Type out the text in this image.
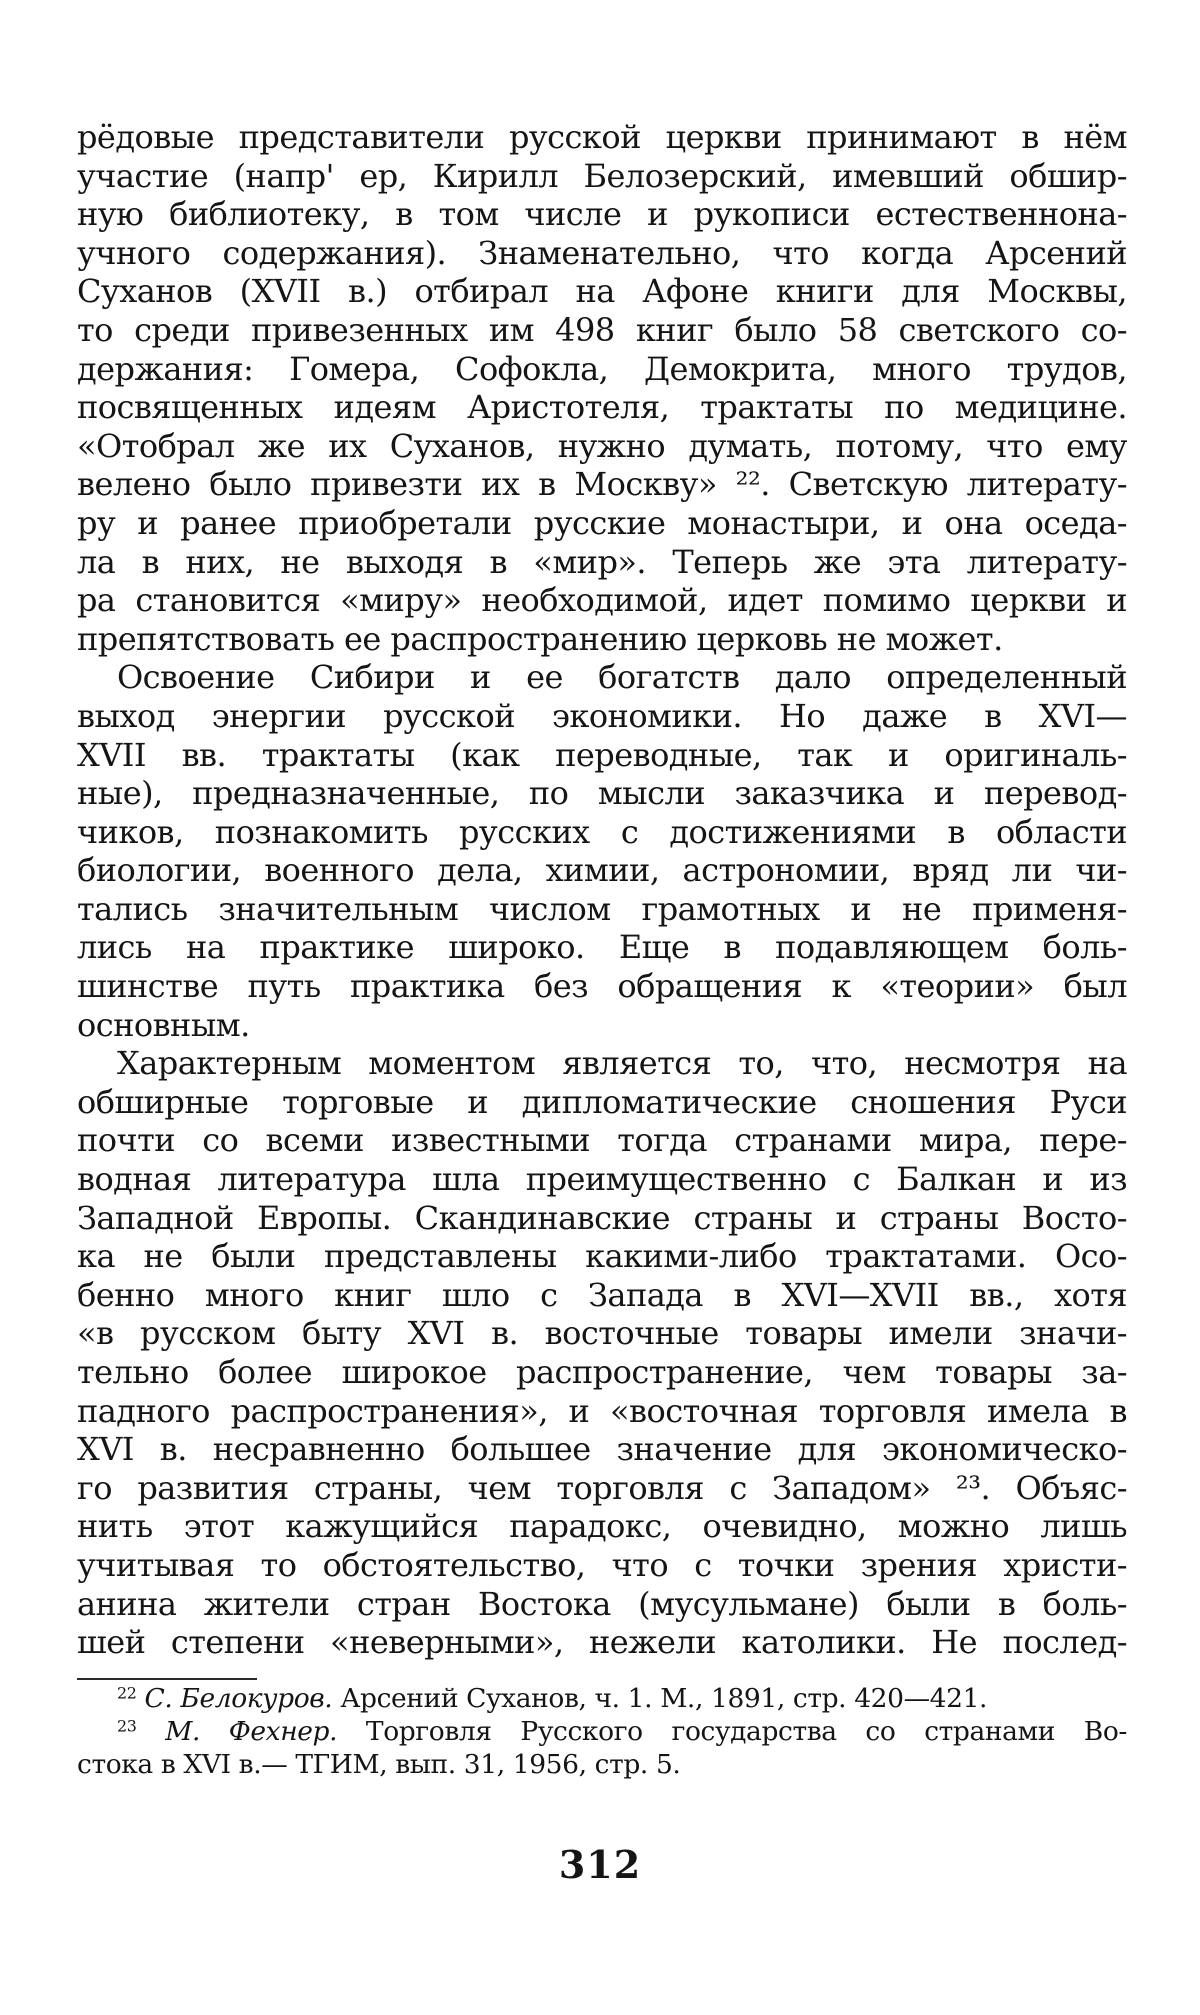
рёдовые представители русской церкви принимают в нём
участие (напр' ер, Кирилл Белозерский, имевший обшир-
ную библиотеку, в том числе и рукописи естественнона-
учного содержания). Знаменательно, что когда Арсений
Суханов (XVII в.) отбирал на Афоне книги для Москвы,
то среди привезенных им 498 книг было 58 светского со-
держания: Гомера, Софокла, Демокрита, много трудов,
посвященных идеям Аристотеля, трактаты по медицине.
«Отобрал же их Суханов, нужно думать, потому, что ему
велено было привезти их в Москву» ²². Светскую литерату-
ру и ранее приобретали русские монастыри, и она оседа-
ла в них, не выходя в «мир». Теперь же эта литерату-
ра становится «миру» необходимой, идет помимо церкви и
препятствовать ее распространению церковь не может.
Освоение Сибири и ее богатств дало определенный
выход энергии русской экономики. Но даже в XVI—
XVII вв. трактаты (как переводные, так и оригиналь-
ные), предназначенные, по мысли заказчика и перевод-
чиков, познакомить русских с достижениями в области
биологии, военного дела, химии, астрономии, вряд ли чи-
тались значительным числом грамотных и не применя-
лись на практике широко. Еще в подавляющем боль-
шинстве путь практика без обращения к «теории» был
основным.
Характерным моментом является то, что, несмотря на
обширные торговые и дипломатические сношения Руси
почти со всеми известными тогда странами мира, пере-
водная литература шла преимущественно с Балкан и из
Западной Европы. Скандинавские страны и страны Восто-
ка не были представлены какими-либо трактатами. Осо-
бенно много книг шло с Запада в XVI—XVII вв., хотя
«в русском быту XVI в. восточные товары имели значи-
тельно более широкое распространение, чем товары за-
падного распространения», и «восточная торговля имела в
XVI в. несравненно большее значение для экономическо-
го развития страны, чем торговля с Западом» ²³. Объяс-
нить этот кажущийся парадокс, очевидно, можно лишь
учитывая то обстоятельство, что с точки зрения христи-
анина жители стран Востока (мусульмане) были в боль-
шей степени «неверными», нежели католики. Не послед-
$^{22}$ С. Белокуров. Арсений Суханов, ч. 1. М., 1891, стр. 420—421.
$^{23}$ М. Фехнер. Торговля Русского государства со странами Во-
стока в XVI в.— ТГИМ, вып. 31, 1956, стр. 5.
312
